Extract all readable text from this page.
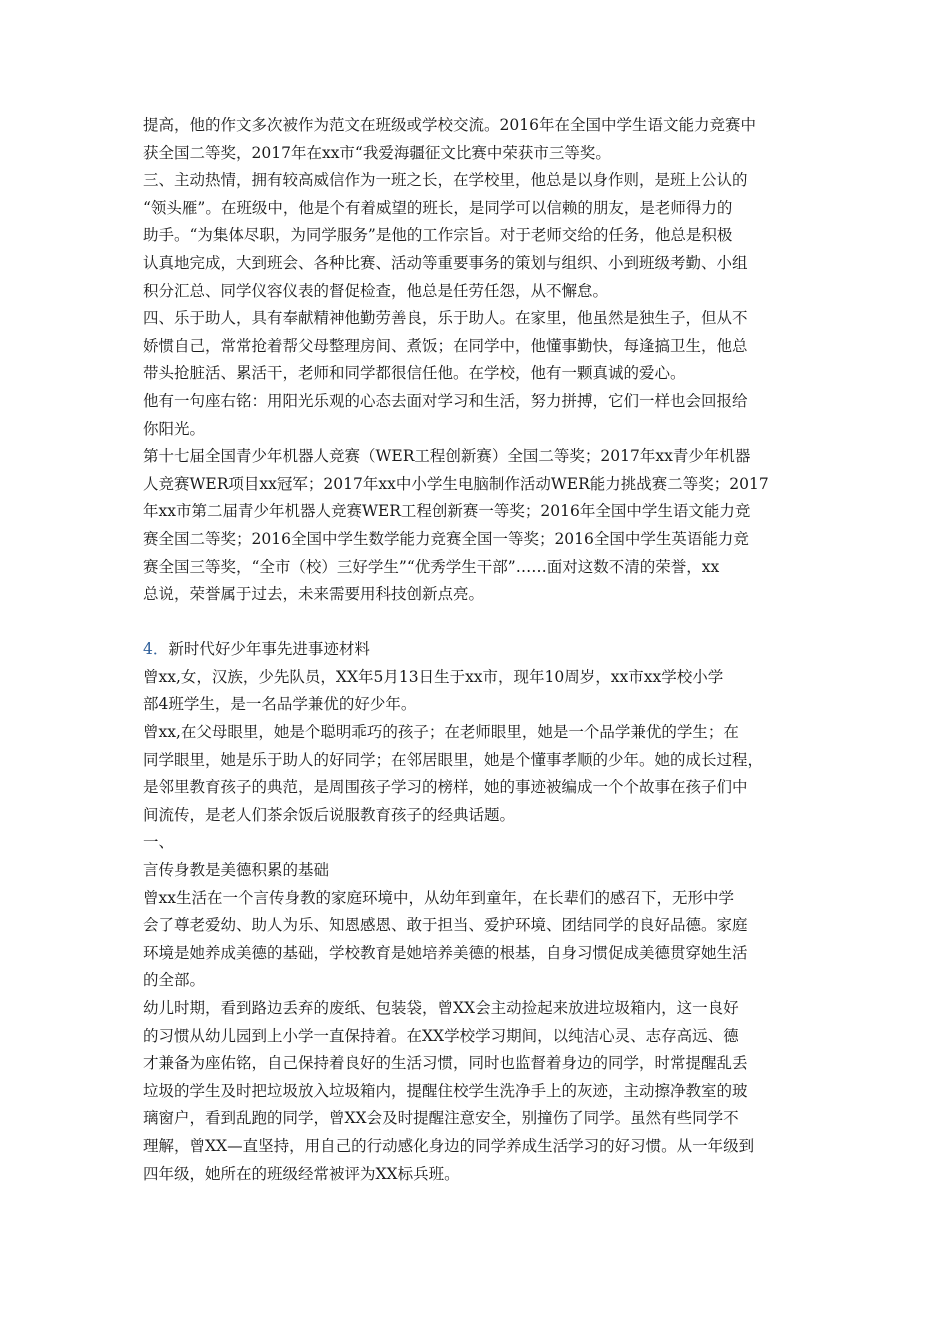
提高，他的作文多次被作为范文在班级或学校交流。2016年在全国中学生语文能力竞赛中
获全国二等奖，2017年在xx市“我爱海疆征文比赛中荣获市三等奖。
三、主动热情，拥有较高威信作为一班之长，在学校里，他总是以身作则，是班上公认的
“领头雁”。在班级中，他是个有着威望的班长，是同学可以信赖的朋友，是老师得力的
助手。“为集体尽职，为同学服务”是他的工作宗旨。对于老师交给的任务，他总是积极
认真地完成，大到班会、各种比赛、活动等重要事务的策划与组织、小到班级考勤、小组
积分汇总、同学仪容仪表的督促检查，他总是任劳任怨，从不懈怠。
四、乐于助人，具有奉献精神他勤劳善良，乐于助人。在家里，他虽然是独生子，但从不
娇惯自己，常常抢着帮父母整理房间、煮饭；在同学中，他懂事勤快，每逢搞卫生，他总
带头抢脏活、累活干，老师和同学都很信任他。在学校，他有一颗真诚的爱心。
他有一句座右铭：用阳光乐观的心态去面对学习和生活，努力拼搏，它们一样也会回报给
你阳光。
第十七届全国青少年机器人竞赛（WER工程创新赛）全国二等奖；2017年xx青少年机器
人竞赛WER项目xx冠军；2017年xx中小学生电脑制作活动WER能力挑战赛二等奖；2017
年xx市第二届青少年机器人竞赛WER工程创新赛一等奖；2016年全国中学生语文能力竞
赛全国二等奖；2016全国中学生数学能力竞赛全国一等奖；2016全国中学生英语能力竞
赛全国三等奖，“全市（校）三好学生”“优秀学生干部”……面对这数不清的荣誉，xx
总说，荣誉属于过去，未来需要用科技创新点亮。
4．新时代好少年事先进事迹材料
曾xx,女，汉族，少先队员，XX年5月13日生于xx市，现年10周岁，xx市xx学校小学
部4班学生，是一名品学兼优的好少年。
曾xx,在父母眼里，她是个聪明乖巧的孩子；在老师眼里，她是一个品学兼优的学生；在
同学眼里，她是乐于助人的好同学；在邻居眼里，她是个懂事孝顺的少年。她的成长过程，
是邻里教育孩子的典范，是周围孩子学习的榜样，她的事迹被编成一个个故事在孩子们中
间流传，是老人们茶余饭后说服教育孩子的经典话题。
一、
言传身教是美德积累的基础
曾xx生活在一个言传身教的家庭环境中，从幼年到童年，在长辈们的感召下，无形中学
会了尊老爱幼、助人为乐、知恩感恩、敢于担当、爱护环境、团结同学的良好品德。家庭
环境是她养成美德的基础，学校教育是她培养美德的根基，自身习惯促成美德贯穿她生活
的全部。
幼儿时期，看到路边丢弃的废纸、包装袋，曾XX会主动捡起来放进垃圾箱内，这一良好
的习惯从幼儿园到上小学一直保持着。在XX学校学习期间，以纯洁心灵、志存高远、德
才兼备为座佑铭，自己保持着良好的生活习惯，同时也监督着身边的同学，时常提醒乱丢
垃圾的学生及时把垃圾放入垃圾箱内，提醒住校学生洗净手上的灰迹，主动擦净教室的玻
璃窗户，看到乱跑的同学，曾XX会及时提醒注意安全，别撞伤了同学。虽然有些同学不
理解，曾XX—直坚持，用自己的行动感化身边的同学养成生活学习的好习惯。从一年级到
四年级，她所在的班级经常被评为XX标兵班。
